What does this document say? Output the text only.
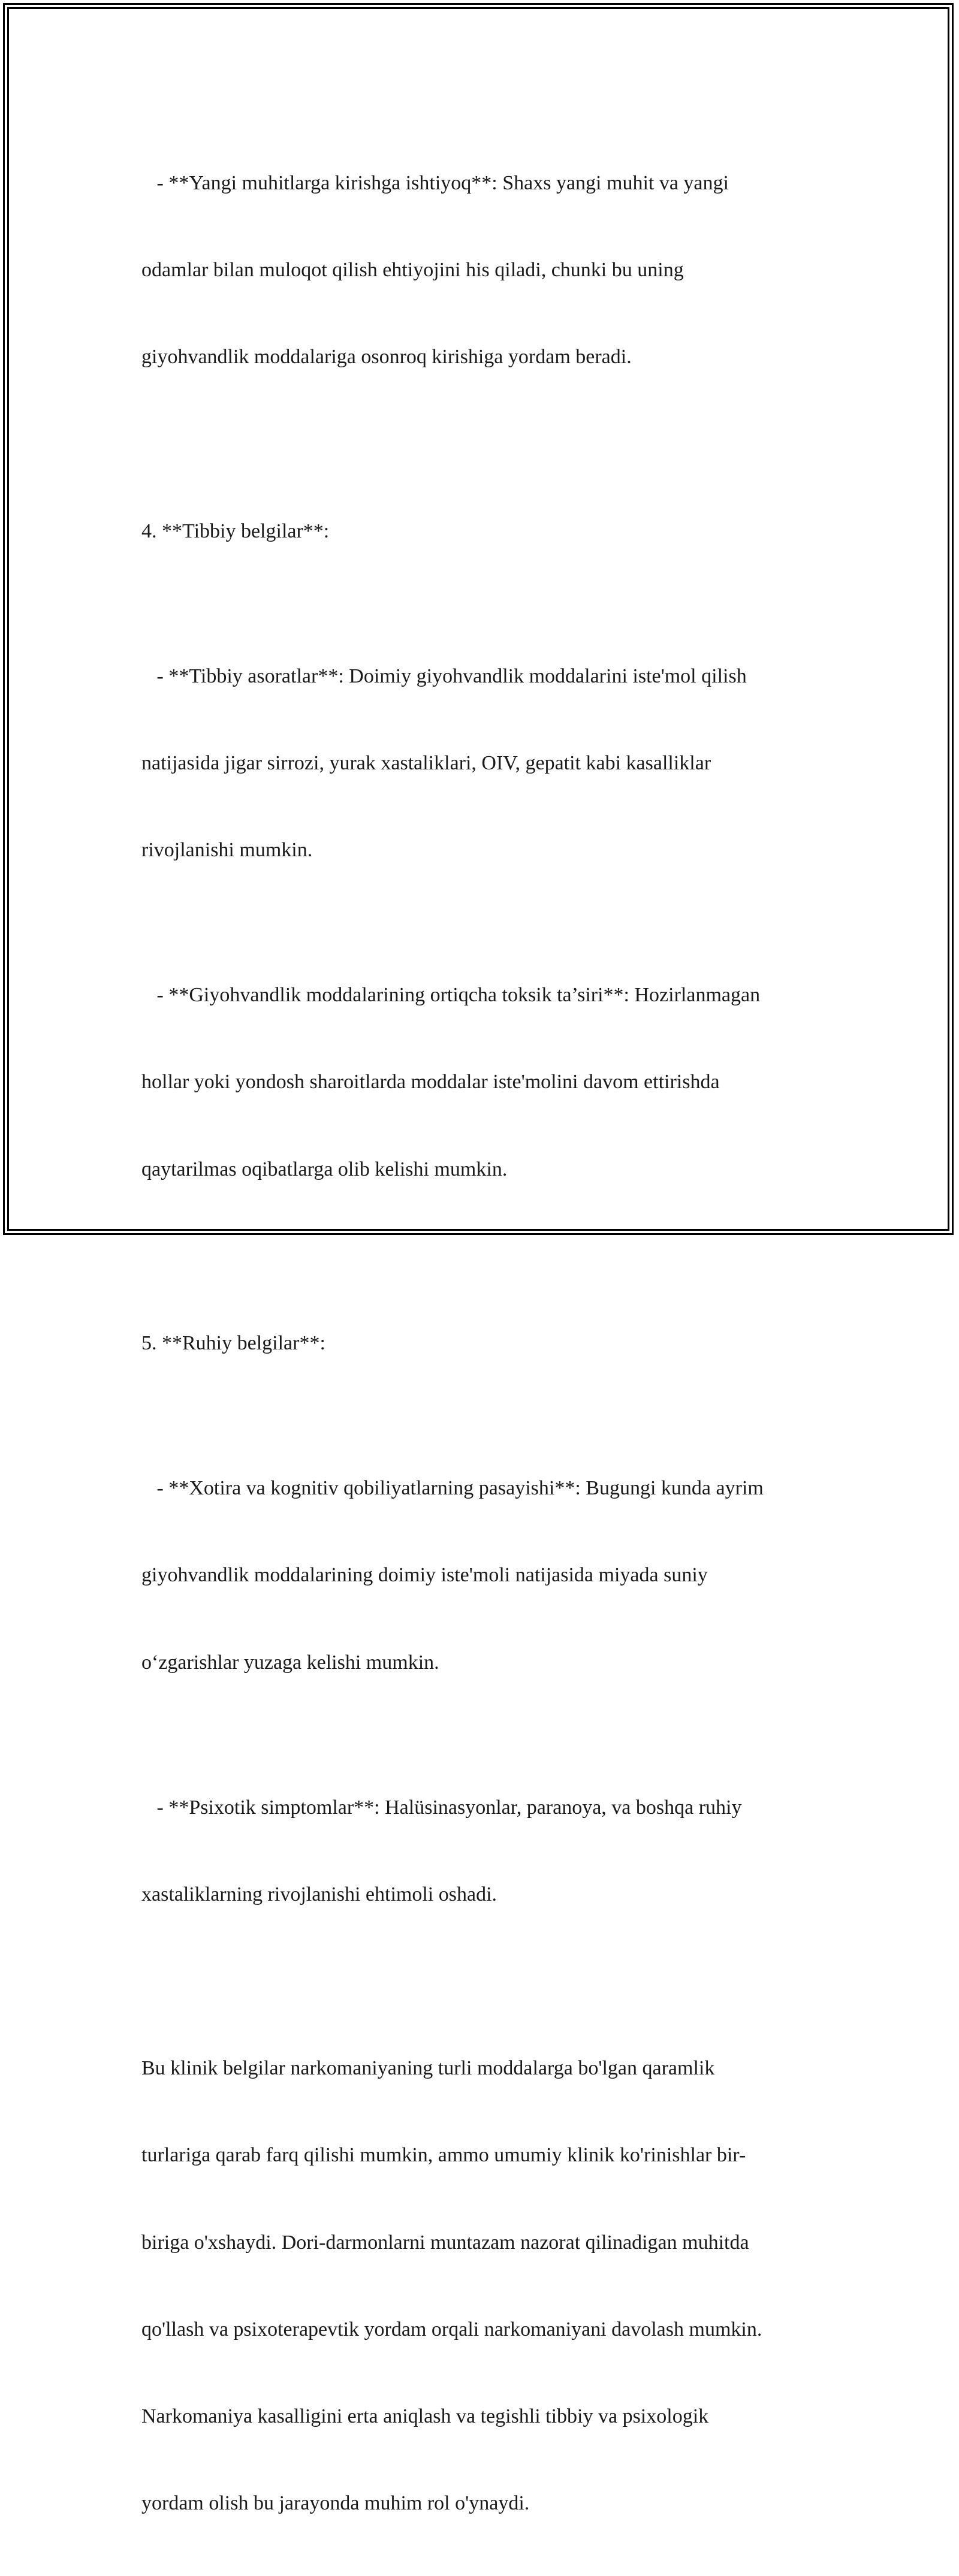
- **Yangi muhitlarga kirishga ishtiyoq**: Shaxs yangi muhit va yangi

odamlar bilan muloqot qilish ehtiyojini his qiladi, chunki bu uning

giyohvandlik moddalariga osonroq kirishiga yordam beradi.

4. **Tibbiy belgilar**:

- **Tibbiy asoratlar**: Doimiy giyohvandlik moddalarini iste'mol qilish

natijasida jigar sirrozi, yurak xastaliklari, OIV, gepatit kabi kasalliklar

rivojlanishi mumkin.

- **Giyohvandlik moddalarining ortiqcha toksik ta’siri**: Hozirlanmagan

hollar yoki yondosh sharoitlarda moddalar iste'molini davom ettirishda

qaytarilmas oqibatlarga olib kelishi mumkin.

5. **Ruhiy belgilar**:

- **Xotira va kognitiv qobiliyatlarning pasayishi**: Bugungi kunda ayrim

giyohvandlik moddalarining doimiy iste'moli natijasida miyada suniy

o‘zgarishlar yuzaga kelishi mumkin.

- **Psixotik simptomlar**: Halüsinasyonlar, paranoya, va boshqa ruhiy

xastaliklarning rivojlanishi ehtimoli oshadi.

Bu klinik belgilar narkomaniyaning turli moddalarga bo'lgan qaramlik

turlariga qarab farq qilishi mumkin, ammo umumiy klinik ko'rinishlar bir-

biriga o'xshaydi. Dori-darmonlarni muntazam nazorat qilinadigan muhitda

qo'llash va psixoterapevtik yordam orqali narkomaniyani davolash mumkin.

Narkomaniya kasalligini erta aniqlash va tegishli tibbiy va psixologik

yordam olish bu jarayonda muhim rol o'ynaydi.
